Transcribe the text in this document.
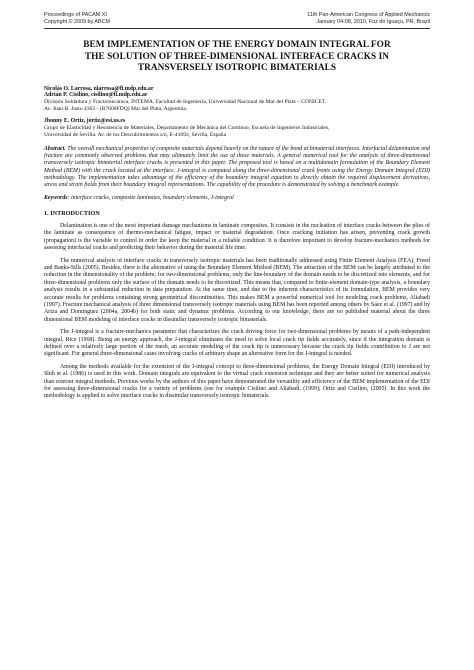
Proceedings of PACAM XI
Copyright © 2009 by ABCM
11th Pan-American Congress of Applied Mechanics
January 04-08, 2010, Foz do Iguaçu, PR, Brazil
BEM IMPLEMENTATION OF THE ENERGY DOMAIN INTEGRAL FOR
THE SOLUTION OF THREE-DIMENSIONAL INTERFACE CRACKS IN
TRANSVERSELY ISOTROPIC BIMATERIALS
Nicolás O. Larrosa, nlarrosa@fi.mdp.edu.ar
Adrián P. Cisilino, cisilino@fi.mdp.edu.ar
División Soldadura y Fractomecánica, INTEMA. Facultad de Ingeniería, Universidad Nacional de Mar del Plata – CONICET.
Av. Juan B. Justo 4302 - (B7608FDQ) Mar del Plata, Argentina.
Jhonny E. Ortiz, jortiz@esi.us.es
Grupo de Elasticidad y Resistencia de Materiales, Departamento de Mecánica del Continuo, Escuela de Ingenieros Industriales,
Universidad de Sevilla. Av. de los Descubrimientos s/n, E-41092, Sevilla, España
Abstract. The overall mechanical properties of composite materials depend heavily on the nature of the bond at bimaterial interfaces. Interfacial delamination and fracture are commonly observed problems that may ultimately limit the use of these materials. A general numerical tool for the analysis of three-dimensional transversely isotropic bimaterial interface cracks is presented in this paper. The proposed tool is based on a multidomain formulation of the Boundary Element Method (BEM) with the crack located at the interface. J-integral is computed along the three-dimensional crack fronts using the Energy Domain Integral (EDI) methodology. The implementation takes advantage of the efficiency of the boundary integral equation to directly obtain the required displacement derivatives, stress and strain fields from their boundary integral representations. The capability of the procedure is demonstrated by solving a benchmark example.
Keywords: interface cracks, composite laminates, boundary elements, J-integral
1. INTRODUCTION

Delamination is one of the most important damage mechanisms in laminate composites. It consists in the nucleation of interface cracks between the plies of the laminate as consequence of thermo-mechanical fatigue, impact or material degradation. Once cracking initiation has arisen, preventing crack growth (propagation) is the variable to control in order the keep the material in a reliable condition. It is therefore important to develop fracture-mechanics methods for assessing interfacial cracks and predicting their behavior during the material life time.

The numerical analysis of interface cracks in transversely isotropic materials has been traditionally addressed using Finite Element Analysis (FEA), Freed and Banks-Sills (2005). Besides, there is the alternative of using the Boundary Element Method (BEM). The attraction of the BEM can be largely attributed to the reduction in the dimensionality of the problem; for two-dimensional problems, only the line-boundary of the domain needs to be discretized into elements, and for three-dimensional problems only the surface of the domain needs to be discretized. This means that, compared to finite-element domain-type analysis, a boundary analysis results in a substantial reduction in data preparation. At the same time, and due to the inherent characteristics of its formulation, BEM provides very accurate results for problems containing strong geometrical discontinuities. This makes BEM a powerful numerical tool for modeling crack problems, Aliabadi (1997). Fracture mechanical analysis of three dimensional transversely isotropic materials using BEM has been reported among others by Sáez et al. (1997) and by Ariza and Dominguez (2004a, 2004b) for both static and dynamic problems. According to our knowledge, there are no published material about the three dimensional BEM modeling of interface cracks in dissimilar transversely isotropic bimaterials.

The J-integral is a fracture-mechanics parameter that characterizes the crack driving force for two-dimensional problems by means of a path-independent integral, Rice (1968). Being an energy approach, the J-integral eliminates the need to solve local crack tip fields accurately, since if the integration domain is defined over a relatively large portion of the mesh, an accurate modeling of the crack tip is unnecessary because the crack tip fields contribution to J are not significant. For general three-dimensional cases involving cracks of arbitrary shape an alternative form for the J-integral is needed.

Among the methods available for the extension of the J-integral concept to three-dimensional problems, the Energy Domain Integral (EDI) introduced by Shih et al. (1986) is used in this work. Domain integrals are equivalent to the virtual crack extension technique and they are better suited for numerical analysis than contour integral methods. Previous works by the authors of this paper have demonstrated the versatility and efficiency of the BEM implementation of the EDI for assessing three-dimensional cracks for a variety of problems (see for example Cisilino and Aliabadi, (1999); Ortiz and Cisilino, (2005). In this work the methodology is applied to solve interface cracks in dissimilar transversely isotropic bimaterials.
